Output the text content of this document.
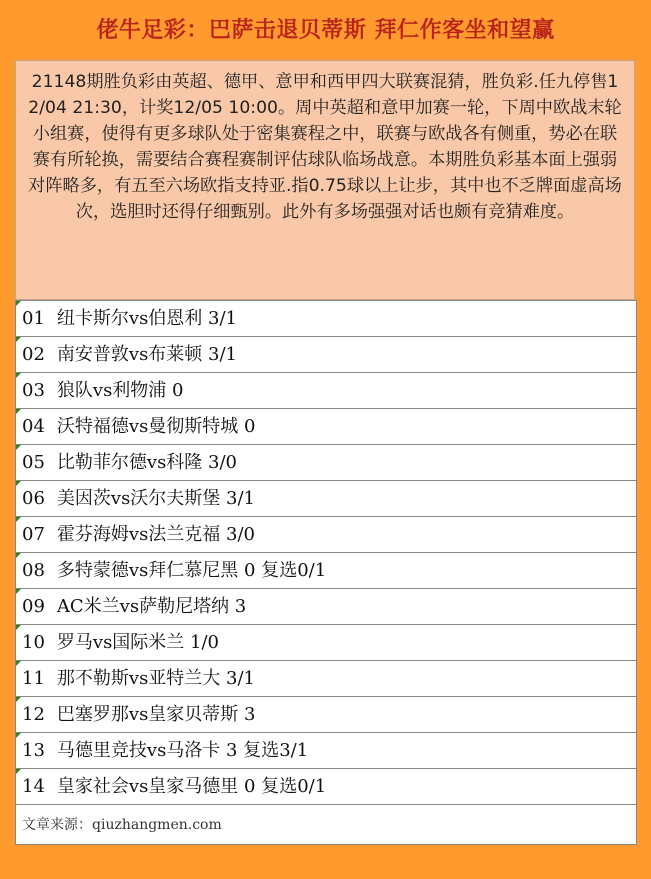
佬牛足彩：巴萨击退贝蒂斯 拜仁作客坐和望赢
21148期胜负彩由英超、德甲、意甲和西甲四大联赛混猜，胜负彩.任九停售12/04 21:30，计奖12/05 10:00。周中英超和意甲加赛一轮，下周中欧战末轮小组赛，使得有更多球队处于密集赛程之中，联赛与欧战各有侧重，势必在联赛有所轮换，需要结合赛程赛制评估球队临场战意。本期胜负彩基本面上强弱对阵略多，有五至六场欧指支持亚.指0.75球以上让步，其中也不乏牌面虚高场次，选胆时还得仔细甄别。此外有多场强强对话也颇有竞猜难度。
01 纽卡斯尔vs伯恩利 3/1
02 南安普敦vs布莱顿 3/1
03 狼队vs利物浦 0
04 沃特福德vs曼彻斯特城 0
05 比勒菲尔德vs科隆 3/0
06 美因茨vs沃尔夫斯堡 3/1
07 霍芬海姆vs法兰克福 3/0
08 多特蒙德vs拜仁慕尼黑 0 复选0/1
09 AC米兰vs萨勒尼塔纳 3
10 罗马vs国际米兰 1/0
11 那不勒斯vs亚特兰大 3/1
12 巴塞罗那vs皇家贝蒂斯 3
13 马德里竞技vs马洛卡 3 复选3/1
14 皇家社会vs皇家马德里 0 复选0/1
文章来源：qiuzhangmen.com
